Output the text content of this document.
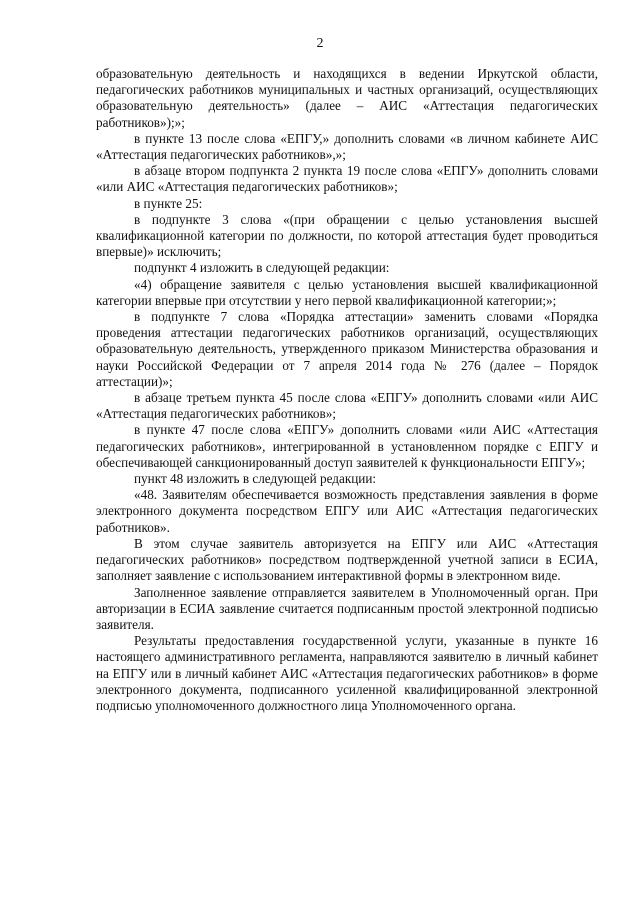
2

образовательную деятельность и находящихся в ведении Иркутской области, педагогических работников муниципальных и частных организаций, осуществляющих образовательную деятельность» (далее – АИС «Аттестация педагогических работников»);»;

в пункте 13 после слова «ЕПГУ,» дополнить словами «в личном кабинете АИС «Аттестация педагогических работников»,»;

в абзаце втором подпункта 2 пункта 19 после слова «ЕПГУ» дополнить словами «или АИС «Аттестация педагогических работников»;

в пункте 25:

в подпункте 3 слова «(при обращении с целью установления высшей квалификационной категории по должности, по которой аттестация будет проводиться впервые)» исключить;

подпункт 4 изложить в следующей редакции:

«4) обращение заявителя с целью установления высшей квалификационной категории впервые при отсутствии у него первой квалификационной категории;»;

в подпункте 7 слова «Порядка аттестации» заменить словами «Порядка проведения аттестации педагогических работников организаций, осуществляющих образовательную деятельность, утвержденного приказом Министерства образования и науки Российской Федерации от 7 апреля 2014 года № 276 (далее – Порядок аттестации)»;

в абзаце третьем пункта 45 после слова «ЕПГУ» дополнить словами «или АИС «Аттестация педагогических работников»;

в пункте 47 после слова «ЕПГУ» дополнить словами «или АИС «Аттестация педагогических работников», интегрированной в установленном порядке с ЕПГУ и обеспечивающей санкционированный доступ заявителей к функциональности ЕПГУ»;

пункт 48 изложить в следующей редакции:

«48. Заявителям обеспечивается возможность представления заявления в форме электронного документа посредством ЕПГУ или АИС «Аттестация педагогических работников».

В этом случае заявитель авторизуется на ЕПГУ или АИС «Аттестация педагогических работников» посредством подтвержденной учетной записи в ЕСИА, заполняет заявление с использованием интерактивной формы в электронном виде.

Заполненное заявление отправляется заявителем в Уполномоченный орган. При авторизации в ЕСИА заявление считается подписанным простой электронной подписью заявителя.

Результаты предоставления государственной услуги, указанные в пункте 16 настоящего административного регламента, направляются заявителю в личный кабинет на ЕПГУ или в личный кабинет АИС «Аттестация педагогических работников» в форме электронного документа, подписанного усиленной квалифицированной электронной подписью уполномоченного должностного лица Уполномоченного органа.
